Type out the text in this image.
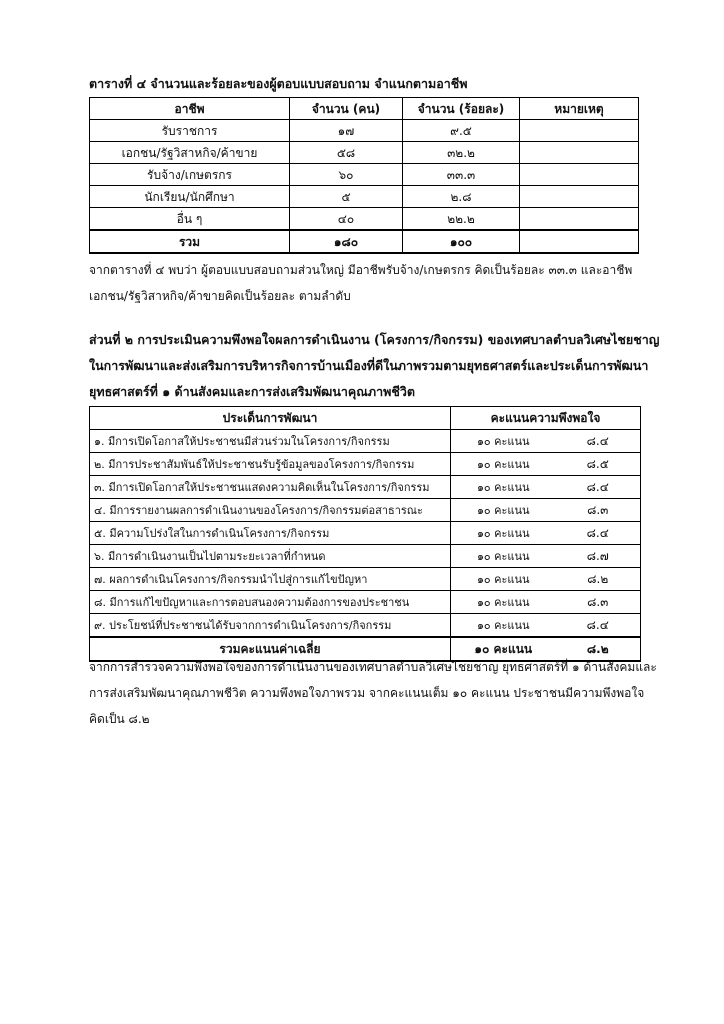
ตารางที่ ๔ จำนวนและร้อยละของผู้ตอบแบบสอบถาม จำแนกตามอาชีพ
อาชีพ	จำนวน (คน)	จำนวน (ร้อยละ)	หมายเหตุ
รับราชการ	๑๗	๙.๕	
เอกชน/รัฐวิสาหกิจ/ค้าขาย	๕๘	๓๒.๒	
รับจ้าง/เกษตรกร	๖๐	๓๓.๓	
นักเรียน/นักศึกษา	๕	๒.๘	
อื่น ๆ	๔๐	๒๒.๒	
รวม	๑๘๐	๑๐๐	
จากตารางที่ ๔ พบว่า ผู้ตอบแบบสอบถามส่วนใหญ่ มีอาชีพรับจ้าง/เกษตรกร คิดเป็นร้อยละ ๓๓.๓ และอาชีพ
เอกชน/รัฐวิสาหกิจ/ค้าขายคิดเป็นร้อยละ ตามลำดับ
ส่วนที่ ๒ การประเมินความพึงพอใจผลการดำเนินงาน (โครงการ/กิจกรรม) ของเทศบาลตำบลวิเศษไชยชาญ
ในการพัฒนาและส่งเสริมการบริหารกิจการบ้านเมืองที่ดีในภาพรวมตามยุทธศาสตร์และประเด็นการพัฒนา
ยุทธศาสตร์ที่ ๑ ด้านสังคมและการส่งเสริมพัฒนาคุณภาพชีวิต
ประเด็นการพัฒนา	คะแนนความพึงพอใจ	
๑. มีการเปิดโอกาสให้ประชาชนมีส่วนร่วมในโครงการ/กิจกรรม	๑๐ คะแนน	๘.๔
๒. มีการประชาสัมพันธ์ให้ประชาชนรับรู้ข้อมูลของโครงการ/กิจกรรม	๑๐ คะแนน	๘.๕
๓. มีการเปิดโอกาสให้ประชาชนแสดงความคิดเห็นในโครงการ/กิจกรรม	๑๐ คะแนน	๘.๔
๔. มีการรายงานผลการดำเนินงานของโครงการ/กิจกรรมต่อสาธารณะ	๑๐ คะแนน	๘.๓
๕. มีความโปร่งใสในการดำเนินโครงการ/กิจกรรม	๑๐ คะแนน	๘.๔
๖. มีการดำเนินงานเป็นไปตามระยะเวลาที่กำหนด	๑๐ คะแนน	๘.๗
๗. ผลการดำเนินโครงการ/กิจกรรมนำไปสู่การแก้ไขปัญหา	๑๐ คะแนน	๘.๒
๘. มีการแก้ไขปัญหาและการตอบสนองความต้องการของประชาชน	๑๐ คะแนน	๘.๓
๙. ประโยชน์ที่ประชาชนได้รับจากการดำเนินโครงการ/กิจกรรม	๑๐ คะแนน	๘.๔
รวมคะแนนค่าเฉลี่ย	๑๐ คะแนน	๘.๒
จากการสำรวจความพึงพอใจของการดำเนินงานของเทศบาลตำบลวิเศษไชยชาญ ยุทธศาสตร์ที่ ๑ ด้านสังคมและ
การส่งเสริมพัฒนาคุณภาพชีวิต ความพึงพอใจภาพรวม จากคะแนนเต็ม ๑๐ คะแนน ประชาชนมีความพึงพอใจ
คิดเป็น ๘.๒
